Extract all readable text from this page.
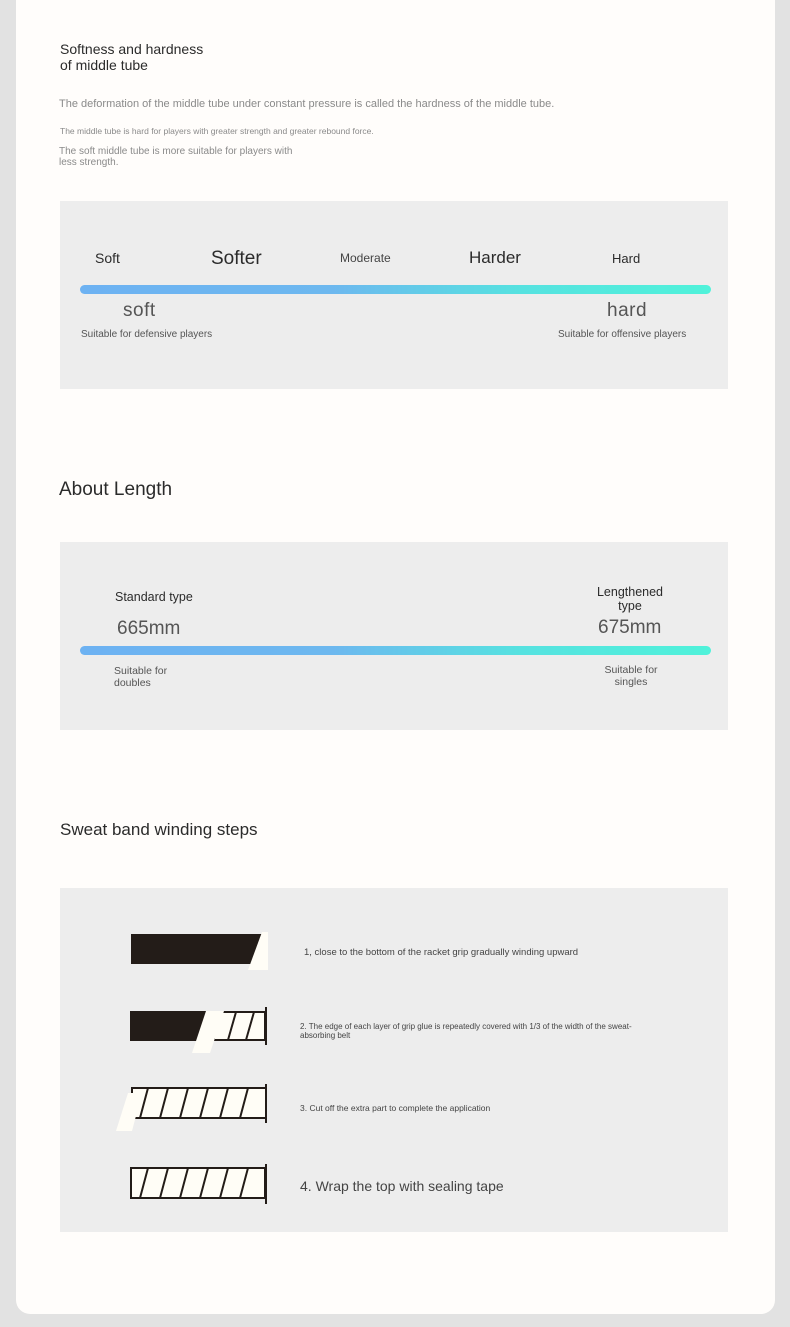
Softness and hardness
of middle tube
The deformation of the middle tube under constant pressure is called the hardness of the middle tube.
The middle tube is hard for players with greater strength and greater rebound force.
The soft middle tube is more suitable for players with
less strength.
Soft	Softer	Moderate	Harder	Hard
soft
Suitable for defensive players
hard
Suitable for offensive players
About Length
Standard type
665mm
Lengthened
type
675mm
Suitable for
doubles
Suitable for
singles
Sweat band winding steps
1, close to the bottom of the racket grip gradually winding upward
2. The edge of each layer of grip glue is repeatedly covered with 1/3 of the width of the sweat-
absorbing belt
3. Cut off the extra part to complete the application
4. Wrap the top with sealing tape
